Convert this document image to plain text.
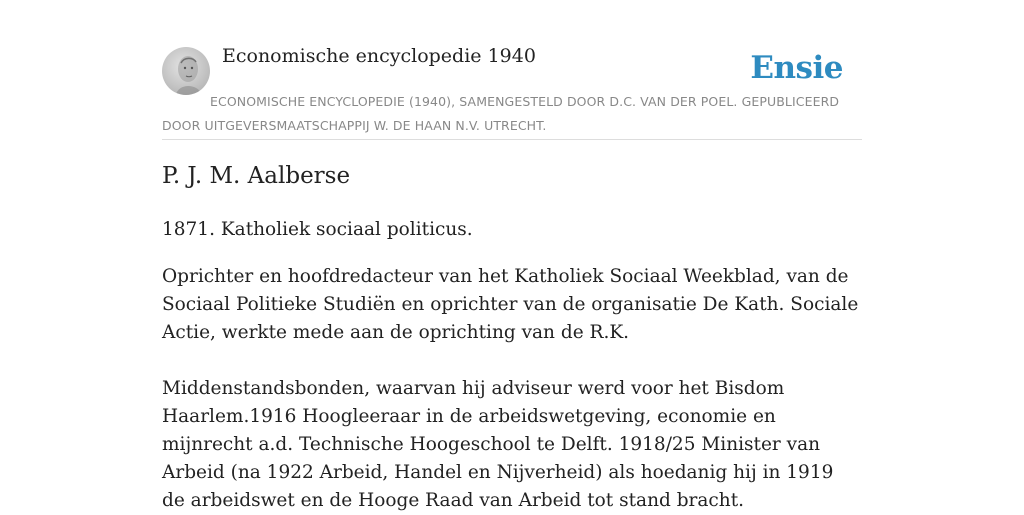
Economische encyclopedie 1940	Ensie
ECONOMISCHE ENCYCLOPEDIE (1940), SAMENGESTELD DOOR D.C. VAN DER POEL. GEPUBLICEERD DOOR UITGEVERSMAATSCHAPPIJ W. DE HAAN N.V. UTRECHT.
P. J. M. Aalberse
1871. Katholiek sociaal politicus.
Oprichter en hoofdredacteur van het Katholiek Sociaal Weekblad, van de Sociaal Politieke Studiën en oprichter van de organisatie De Kath. Sociale Actie, werkte mede aan de oprichting van de R.K.
Middenstandsbonden, waarvan hij adviseur werd voor het Bisdom Haarlem.1916 Hoogleeraar in de arbeidswetgeving, economie en mijnrecht a.d. Technische Hoogeschool te Delft. 1918/25 Minister van Arbeid (na 1922 Arbeid, Handel en Nijverheid) als hoedanig hij in 1919 de arbeidswet en de Hooge Raad van Arbeid tot stand bracht.
